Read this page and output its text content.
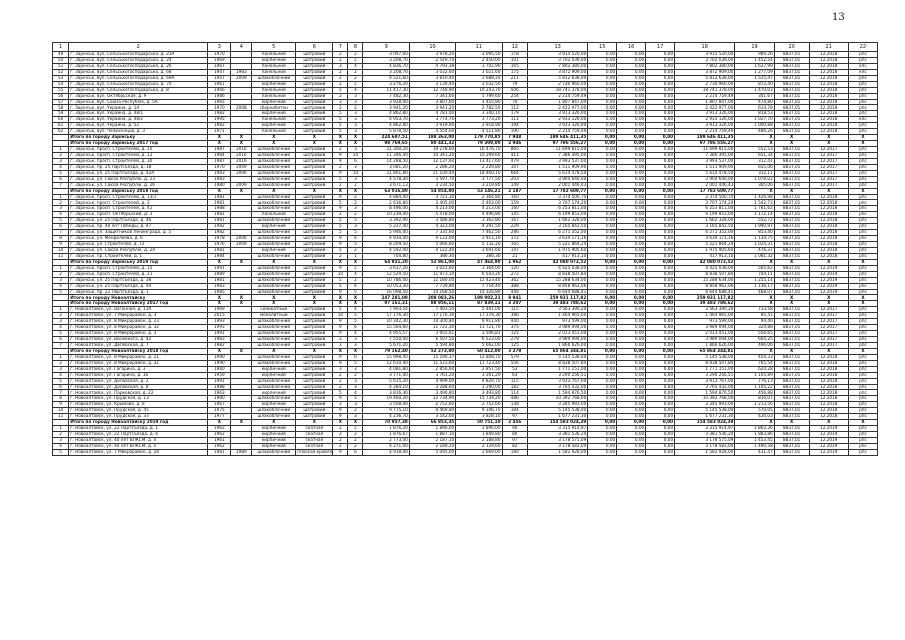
13
1	2	3	4	5	6	7	8	9	10	11	12	13	15	16	17	18	19	20	21	22
49	г. Зарінськ, вул. Сельськогосподарська, д. 23А	1970		панельний	шатровий	2	2	3 097,60	3 978,20	3 095,50	178	3 915 520,00	0,00	0,00	0,00	3 915 520,00	989,26	8837,01	12.2018	рпс
50	г. Зарінськ, вул. Сельськогосподарська, д. 24	1969		кирпичний	шатровий	2	2	3 208,70	2 549,70	2 450,00	101	3 702 039,00	0,00	0,00	0,00	3 702 039,00	1 452,54	8837,01	12.2018	рпс
51	г. Зарінськ, вул. Сельськогосподарська, д. 26	1967		панельний	шатровий	3	4	4 836,70	4 793,38	3 702,90	165	7 802 380,00	0,00	0,00	0,00	7 802 380,00	1 627,99	8837,01	12.2018	кпс
52	г. Зарінськ, вул. Сельськогосподарська, д. 68	1947	1983	панельний	шатровий	2	2	3 208,70	3 032,60	3 021,60	175	3 872 909,00	0,00	0,00	0,00	3 872 909,00	1 277,09	8837,01	12.2018	кпс
53	г. Зарінськ, вул. Сельськогосподарська, д. 69А	1957	2009	шлакоблочний	шатровий	2	2	4 521,60	3 810,40	3 688,20	211	5 812 638,00	0,00	0,00	0,00	5 812 638,00	1 525,47	8837,01	12.2018	рпс
54	г. Зарінськ, вул. Сельськогосподарська, д. 70	1961		кирпичний	шатровий	2	2	3 276,20	3 130,40	3 032,50	79	2 730 960,00	0,00	0,00	0,00	2 730 960,00	872,40	8837,01	12.2018	рпс
55	г. Зарінськ, вул. Сельськогосподарська, д. 8	1966		панельний	шатровий	5	4	11 417,30	12 748,90	10 243,70	506	18 741 378,00	0,00	0,00	0,00	18 741 378,00	1 470,03	8837,01	12.2018	рпс
56	г. Зарінськ, вул. Октябрьская, д. 9	1986		панельний	шатровий	2	3	7 482,30	7 341,60	5 799,60	254	2 214 759,49	0,00	0,00	0,00	2 214 759,49	301,67	8837,01	12.2018	рпс
57	г. Зарінськ, вул. Союза Республік, д. 5А	1965		кирпичний	шатровий	3	3	3 928,00	3 807,60	3 455,90	70	1 807 847,00	0,00	0,00	0,00	1 807 847,00	474,80	8837,01	12.2018	рпс
58	г. Зарінськ, вул. Украина, д. 14	1970	2008	сборнобетон	шатровий	2	2	3 941,20	3 941,20	2 782,50	112	2 422 977,00	0,00	0,00	0,00	2 422 977,00	614,78	8837,01	12.2018	рпс
59	г. Зарінськ, вул. Украина, д. 48/1	1982		кирпичний	шатровий	5	3	4 862,80	4 781,00	3 340,10	179	3 913 326,00	0,00	0,00	0,00	3 913 326,00	818,53	8837,01	12.2018	рпс
60	г. Зарінськ, вул. Украина, д. 48/2	1995		панельний	шатровий	5	3	4 953,70	3 774,76	3 773,20	111	2 933 126,00	0,00	0,00	0,00	2 933 126,00	1 027,70	8837,01	12.2018	кпс
61	г. Зарінськ, вул. Украина, д. 52	1982		кирпичний	шатровий	5	3	4 862,80	3 919,90	3 918,90	194	3 913 326,00	0,00	0,00	0,00	3 913 326,00	1 000,88	8837,01	12.2018	рпс
62	г. Зарінськ, вул. Челюскінців, д. 3	1971		панельний	шатровий	5	3	5 878,50	4 554,60	4 511,80	190	2 214 759,49	0,00	0,00	0,00	2 214 759,49	486,26	8837,01	12.2018	рпс
	Итого по городу Зарінську	X	X	X	X	X	X	224 687,51	188 363,00	179 770,85	7 948	189 646 411,35	0,00	0,00	0,00	189 646 411,35	X	X	X	X
	Итого по городу Зарінську 2017 год	X	X	X	X	X	X	98 769,65	80 441,32	79 309,00	2 946	97 786 556,27	0,00	0,00	0,00	97 786 556,27	X	X	X	X
1	г. Зарінськ, просп. Строителей, д. 10	1987	2016	шлакоблочний	шатровий	2	3	21 300,20	19 278,60	16 476,70	865	11 699 815,00	0,00	0,00	0,00	11 699 815,00	552,53	8837,01	12.2017	рпс
2	г. Зарінськ, просп. Строителей, д. 12	1984	2016	шлакоблочний	шатровий	9	10	11 346,40	10 341,20	10 299,60	411	7 386 395,00	0,00	0,00	0,00	7 386 395,00	651,34	8837,01	12.2017	рпс
3	г. Зарінськ, просп. Строителей, д. 30	1987	2016	шлакоблочний	шатровий	9	6	14 288,50	12 137,60	13 417,60	479	3 993 537,00	0,00	0,00	0,00	3 993 537,00	312,41	8837,01	12.2017	рпс
4	г. Зарінськ, пр. 25 Партсъезда, д. 18	1970	2009	шлакоблочний	шатровий	2	3	3 081,20	2 286,20	2 229,80	107	1 511 909,90	0,00	0,00	0,00	1 511 909,90	655,06	8837,01	12.2017	рпс
5	г. Зарінськ, ул. 25 Партсъезда, д. 42А	1983	2006	шлакоблочний	шатровий	9	10	21 801,80	21 100,40	18 460,10	664	5 614 478,50	0,00	0,00	0,00	5 614 478,50	312,11	8837,01	12.2017	рпс
6	г. Зарінськ, ул. Союза Республік, д. 23	1983		шлакоблочний	шатровий	5	3	4 578,30	3 597,70	3 777,50	203	3 904 640,00	0,00	0,00	0,00	3 904 640,00	1 078,02	8837,01	12.2017	рпс
7	г. Зарінськ, ул. Союза Республік, д. 26	1980	2009	шлакоблочний	шатровий	2	2	3 671,13	3 234,50	3 219,80	149	2 001 446,43	0,00	0,00	0,00	2 001 446,43	365,06	8837,01	12.2017	рпс
	Итого по городу Зарінську 2018 год	X	X	X	X	X	X	63 016,80	54 854,80	53 146,21	2 187	17 782 609,77	0,00	0,00	0,00	17 782 609,77	X	X	X	X
1	г. Зарінськ, просп. Строителей, д. 13/1	1981		шлакоблочний	шатровий	9	2	4 884,40	3 721,30	2 364,80	160	3 374 500,74	0,00	0,00	0,00	3 374 500,74	1 426,98	8837,01	12.2018	рпс
2	г. Зарінськ, просп. Строителей, д. 2	1981		шлакоблочний	шатровий	5	2	2 616,80	3 405,00	2 403,00	159	3 707 174,20	0,00	0,00	0,00	3 707 174,20	1 542,73	8837,01	12.2018	рпс
3	г. Зарінськ, просп. Строителей, д. 41	1988		шлакоблочний	шатровий	9	3	8 496,00	4 213,00	4 213,00	160	6 253 811,00	0,00	0,00	0,00	6 253 811,00	1 781,62	8837,01	12.2018	рпс
4	г. Зарінськ, просп. Октябрьский, д. 3	1981		панельний	шатровий	2	2	10 239,40	5 478,00	4 496,80	145	6 199 853,00	0,00	0,00	0,00	6 199 853,00	1 172,14	8837,01	12.2018	рпс
5	г. Зарінськ, ул. 25 Партсъезда, д. 46	1981		шлакоблочний	шатровий	5	5	3 392,90	3 586,80	3 362,80	167	1 662 328,00	0,00	0,00	0,00	1 662 328,00	552,72	8837,01	12.2018	рпс
6	г. Зарінськ, пр. 40 лет Победы, д. 47	1982		кирпичний	шатровий	5	3	5 227,40	4 323,00	4 291,50	229	3 165 842,50	0,00	0,00	0,00	3 165 842,50	1 990,97	8837,01	12.2018	рпс
7	г. Зарінськ, ул. Защитников Ленинграда, д. 5	1982		шлакоблочний	шатровий	5	5	5 946,00	7 335,60	7 462,50	286	6 271 352,00	0,00	0,00	0,00	6 271 352,00	853,40	8837,01	12.2018	рпс
8	г. Зарінськ, ул. Менделеева, д. 6	1978	2006	шлакоблочний	шатровий	9	6	4 934,40	4 122,00	3 911,10	172	3 634 171,16	0,00	0,00	0,00	3 634 171,16	1 134,75	8837,01	12.2018	рпс
9	г. Зарінськ, ул. Строителей, д. 72	1976	2009	шлакоблочний	шатровий	9	5	8 209,50	5 066,60	5 132,20	165	5 221 864,24	0,00	0,00	0,00	5 221 864,24	1 024,31	8837,01	12.2018	рпс
10	г. Зарінськ, ул. Союза Республік, д. 2А	1981		кирпичний	шатровий	5	2	4 592,00	4 122,40	3 691,60	147	1 975 905,60	0,00	0,00	0,00	1 975 905,60	476,37	8837,01	12.2018	рпс
11	г. Зарінськ, пр. Строителей, д. 1	1984		шлакоблочний	шатровий	2	1	704,80	386,30	386,30	21	417 913,10	0,00	0,00	0,00	417 913,10	1 081,32	8837,01	12.2018	рпс
	Итого по городу Зарінську 2019 год	X	X	X	X	X	X	64 921,20	52 861,00	47 464,90	1 962	42 080 072,52	0,00	0,00	0,00	42 080 072,52	X	X	X	X
1	г. Зарінськ, просп. Строителей, д. 15	1991		шлакоблочний	шатровий	9	2	3 617,20	3 022,60	3 364,00	120	4 425 038,00	0,00	0,00	0,00	4 425 038,00	565,62	8837,01	12.2019	рпс
2	г. Зарінськ, просп. Строителей, д. 21	1989		шлакоблочний	шатровий	10	4	12 529,50	11 973,10	6 543,20	272	8 838 507,84	0,00	0,00	0,00	8 838 507,84	744,11	8837,01	12.2019	рпс
3	г. Зарінськ, ул. 25 Партсъезда, д. 38	1981		шлакоблочний	шатровий	5	2	10 786,00	12 180,00	12 423,40	362	15 288 634,00	0,00	0,00	0,00	15 288 634,00	1 255,14	8837,01	12.2019	рпс
4	г. Зарінськ, ул. 25 Партсъезда, д. 44	1983		шлакоблочний	шатровий	5	4	10 053,30	7 739,80	7 754,40	388	8 858 962,06	0,00	0,00	0,00	8 858 962,06	1 136,17	8837,01	12.2019	рпс
5	г. Зарінськ, пр. 22 Партсъезда, д. 1	1985		шлакоблочний	шатровий	9	5	16 098,50	14 168,50	14 326,80	448	6 644 688,41	0,00	0,00	0,00	6 644 688,41	468,07	8837,01	12.2019	рпс
	Итого по городу Новоалтайску	X	X	X	X	X	X	247 281,09	208 083,26	199 002,21	8 941	259 931 117,82	0,00	0,00	0,00	259 931 117,82	X	X	X	X
	Итого по городу Новоалтайску 2017 год	X	X	X	X	X	X	97 161,31	88 956,11	87 839,11	3 207	39 483 788,62	0,00	0,00	0,00	39 483 788,62	X	X	X	X
1	г. Новоалтайск, ул. Вагонная, д. 11А	1969		силикатный	шатровий	5	4	7 903,54	7 493,50	5 491,00	115	3 563 390,20	0,00	0,00	0,00	3 563 390,20	733,58	8837,01	12.2017	рпс
2	г. Новоалтайск, ул. 7 Микрорайон, д. 3	2015		монолитный	шатровий	10	5	17 176,30	17 176,30	17 176,30	386	1 464 965,00	0,00	0,00	0,00	1 464 965,00	85,41	8837,01	12.2017	рпс
3	г. Новоалтайск, ул. 8 Микрорайон, д. 23	1993		шлакоблочний	шатровий	9	5	10 342,30	10 300,80	9 911,80	440	973 599,00	0,00	0,00	0,00	973 599,00	94,40	8837,01	12.2017	рпс
4	г. Новоалтайск, ул. 8 Микрорайон, д. 32	1993		шлакоблочний	шатровий	9	6	15 564,60	11 722,30	11 721,70	375	3 989 094,00	0,00	0,00	0,00	3 989 094,00	324,88	8837,01	12.2017	рпс
5	г. Новоалтайск, ул. 8 Микрорайон, д. 3	1991		шлакоблочний	шатровий	9	4	4 955,57	3 955,61	3 506,81	125	2 013 451,00	0,00	0,00	0,00	2 013 451,00	556,65	8837,01	12.2017	рпс
6	г. Новоалтайск, ул. Восемнога, д. 42	1983		шлакоблочний	шатровий	2	3	7 550,00	6 507,50	6 523,00	279	3 989 094,00	0,00	0,00	0,00	3 989 094,00	604,25	8837,01	12.2017	рпс
7	г. Новоалтайск, ул. Деповская, д. 7	1982		шлакоблочний	шатровий	3	3	5 671,20	5 594,80	5 662,00	125	1 866 626,00	0,00	0,00	0,00	1 866 626,00	496,06	8837,01	12.2017	рпс
	Итого по городу Новоалтайску 2018 год	X	X	X	X	X	X	79 162,40	52 273,80	60 412,00	3 278	65 864 344,81	0,00	0,00	0,00	65 864 344,81	X	X	X	X
1	г. Новоалтайск, ул. 8 Микрорайон, д. 21	1990		шлакоблочний	шатровий	9	6	15 998,40	15 190,37	12 808,70	579	5 145 538,00	0,00	0,00	0,00	5 145 538,00	454,33	8837,01	12.2018	рпс
2	г. Новоалтайск, ул. 8 Микрорайон, д. 31	1990		шлакоблочний	шатровий	9	5	12 610,40	11 523,60	11 723,40	556	8 838 507,84	0,00	0,00	0,00	8 838 507,84	765,54	8837,01	12.2018	рпс
3	г. Новоалтайск, ул. Гагарина, д. 3	1960		кирпичний	шатровий	3	3	4 081,80	2 856,60	2 857,50	53	1 771 151,00	0,00	0,00	0,00	1 771 151,00	620,28	8837,01	12.2018	рпс
4	г. Новоалтайск, ул. Гагарина, д. 16	1959		кирпичний	шатровий	2	2	3 771,00	3 761,20	3 261,20	63	3 290 256,51	0,00	0,00	0,00	3 290 256,51	1 105,89	8837,01	12.2018	рпс
5	г. Новоалтайск, ул. Деповская, д. 2	1991		шлакоблочний	шатровий	2	3	5 615,20	4 999,00	4 829,70	115	3 913 767,00	0,00	0,00	0,00	3 913 767,00	776,13	8837,01	12.2018	рпс
6	г. Новоалтайск, ул. Деповская, д. 8	1988		шлакоблочний	шатровий	2	3	4 284,10	3 288,60	3 290,00	182	3 765 432,00	0,00	0,00	0,00	3 765 432,00	1 145,22	8837,01	12.2018	рпс
7	г. Новоалтайск, ул. Парковская, д. 22	1963		кирпичний	шатровий	5	4	3 816,30	3 490,80	3 493,80	114	1 594 876,50	0,00	0,00	0,00	1 594 876,50	456,88	8837,01	12.2018	рпс
8	г. Новоалтайск, ул. Прудская, д. 13	1990		шлакоблочний	шатровий	9	5	19 460,20	12 734,90	15 734,20	486	10 392 768,00	0,00	0,00	0,00	10 392 768,00	816,07	8837,01	12.2018	рпс
9	г. Новоалтайск, ул. Крымова, д. 8	1967		кирпичний	шатровий	3	3	3 508,00	2 752,60	2 752,60	138	3 345 993,00	0,00	0,00	0,00	3 345 993,00	1 213,56	8837,01	12.2018	рпс
10	г. Новоалтайск, ул. Прудская, д. 45	1975		шлакоблочний	шатровий	9	2	9 775,10	8 469,80	9 106,70	184	5 145 538,00	0,00	0,00	0,00	5 145 538,00	570,05	8837,01	12.2018	рпс
11	г. Новоалтайск, ул. Прудская, д. 33	1977		шлакоблочний	шатровий	9	3	4 236,70	3 542,60	3 828,10	97	1 677 231,30	0,00	0,00	0,00	1 677 231,30	426,03	8837,01	12.2018	рпс
	Итого по городу Новоалтайску 2019 год	X	X	X	X	X	X	70 957,38	66 853,35	50 751,10	2 456	154 583 024,39	0,00	0,00	0,00	154 583 024,39	X	X	X	X
1	г. Новоалтайск, ул. 22 Партсъезда, д. 1	1962		кирпичний	скатная	2	2	1 876,20	1 896,00	1 896,00	90	3 315 914,97	0,00	0,00	0,00	3 315 914,97	1 862,36	8837,01	12.2019	рпс
2	г. Новоалтайск, ул. 22 Партсъезда, д. 6	1962		кирпичний	скатная	2	2	1 876,67	1 887,10	1 849,80	80	3 381 536,20	0,00	0,00	0,00	3 381 536,20	1 883,86	8837,01	12.2019	рпс
3	г. Новоалтайск, ул. 40 лет ВЛКСМ, д. 4	1961		кирпичний	скатная	2	2	2 773,00	2 187,10	2 188,80	97	3 178 575,09	0,00	0,00	0,00	3 178 575,09	1 453,45	8837,01	12.2019	рпс
4	г. Новоалтайск, ул. 40 лет ВЛКСМ, д. 5	1962		кирпичний	скатная	2	2	4 271,00	2 189,20	2 129,60	82	3 178 583,00	0,00	0,00	0,00	3 178 583,00	1 490,58	8837,01	12.2019	рпс
5	г. Новоалтайск, ул. 7 Микрорайон, д. 28	1981	1989	шлакоблочний	плоская кровля	9	6	4 918,00	5 095,00	3 669,00	180	1 582 928,00	0,00	0,00	0,00	1 582 928,00	431,47	8837,01	12.2019	рпс
